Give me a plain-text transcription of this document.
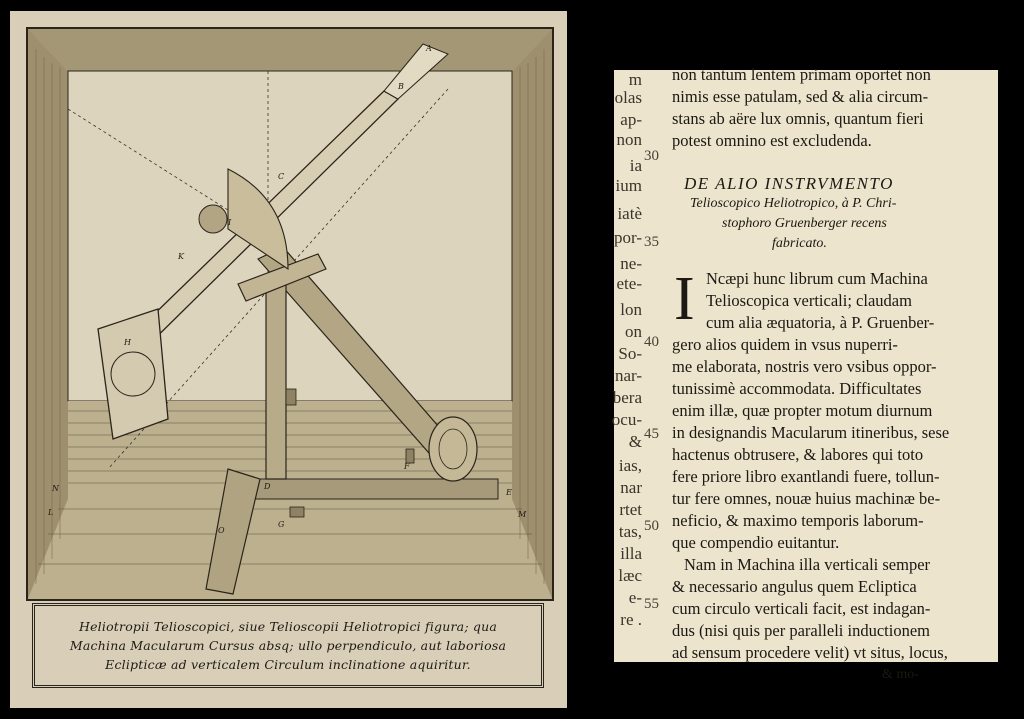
A
B
C
D
E
F
G
H
I
K
L	M
N
O
Heliotropii Telioscopici, siue Telioscopii Heliotropici figura; qua
Machina Macularum Cursus absq; ullo perpendiculo, aut laboriosa
Eclipticæ ad verticalem Circulum inclinatione aquiritur.
m
olas
ap-
non
ia
ium
iatè
por-
ne-
ete-
lon
on
So-
nar-
bera
ocu-
&
ias,
nar
rtet
tas,
illa
læc
e-
re .
30
35
40
45
50
55
non tantum lentem primam oportet non
nimis esse patulam, sed & alia circum-
stans ab aëre lux omnis, quantum fieri
potest omnino est excludenda.
DE ALIO INSTRVMENTO
Telioscopico Heliotropico, à P. Chri-
stophoro Gruenberger recens
fabricato.
I Ncæpi hunc librum cum Machina
Telioscopica verticali; claudam
cum alia æquatoria, à P. Gruenber-
gero alios quidem in vsus nuperri-
me elaborata, nostris vero vsibus oppor-
tunissimè accommodata. Difficultates
enim illæ, quæ propter motum diurnum
in designandis Macularum itineribus, sese
hactenus obtrusere, & labores qui toto
fere priore libro exantlandi fuere, tollun-
tur fere omnes, nouæ huius machinæ be-
neficio, & maximo temporis laborum-
que compendio euitantur.
Nam in Machina illa verticali semper
& necessario angulus quem Ecliptica
cum circulo verticali facit, est indagan-
dus (nisi quis per paralleli inductionem
ad sensum procedere velit) vt situs, locus,
& mo-
